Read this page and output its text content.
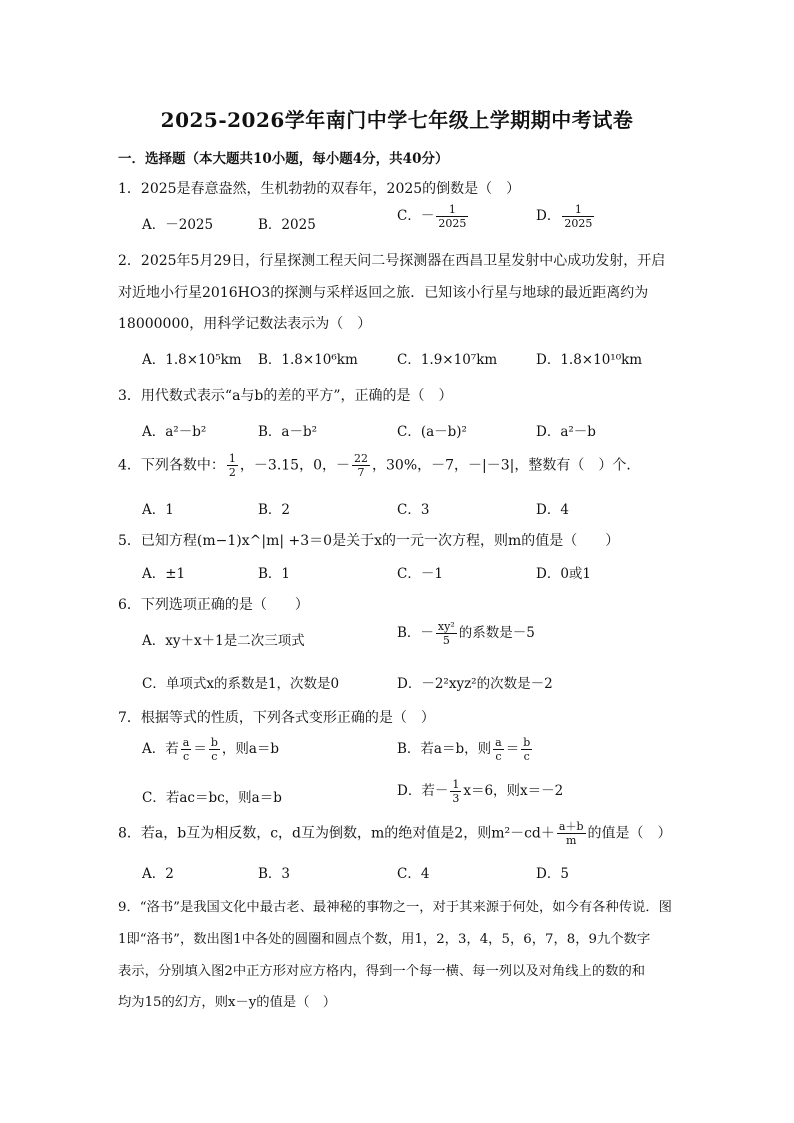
2025-2026学年南门中学七年级上学期期中考试卷
一．选择题（本大题共10小题，每小题4分，共40分）
1．2025是春意盎然，生机勃勃的双春年，2025的倒数是（　）
A．－2025	B．2025
C．－ $\frac{1}{2025}$	D． $\frac{1}{2025}$
2．2025年5月29日，行星探测工程天问二号探测器在西昌卫星发射中心成功发射，开启
对近地小行星2016HO3的探测与采样返回之旅．已知该小行星与地球的最近距离约为
18000000，用科学记数法表示为（　）
A．1.8×10⁵km B．1.8×10⁶km	C．1.9×10⁷km	D．1.8×10¹⁰km
3．用代数式表示“a与b的差的平方”，正确的是（　）
A．a²－b²	B．a－b²	C．(a－b)²	D．a²－b
4．下列各数中： $\frac{1}{2}$ ，－3.15，0，－ $\frac{22}{7}$ ，30%，－7，－|－3|，整数有（　）个．
A．1	B．2	C．3	D．4
5．已知方程(m−1)x^|m| +3＝0是关于x的一元一次方程，则m的值是（　　）
A．±1	B．1	C．－1	D．0或1
6．下列选项正确的是（　　）
A．xy＋x＋1是二次三项式	B．－ $\frac{\text{xy²}}{5}$ 的系数是－5
C．单项式x的系数是1，次数是0	D．－2²xyz²的次数是－2
7．根据等式的性质，下列各式变形正确的是（　）
A．若 $\frac{a}{c} = \frac{b}{c}$ ，则a＝b	B．若a＝b，则 $\frac{a}{c} = \frac{b}{c}$
C．若ac＝bc，则a＝b	D．若－ $\frac{1}{3} x=6$，则x＝－2
8．若a，b互为相反数，c，d互为倒数，m的绝对值是2，则$m^2-cd+ \frac{a+b}{m}$ 的值是（　）
A．2	B．3	C．4	D．5
9．“洛书”是我国文化中最古老、最神秘的事物之一，对于其来源于何处，如今有各种传说．图
1即“洛书”，数出图1中各处的圆圈和圆点个数，用1，2，3，4，5，6，7，8，9九个数字
表示，分别填入图2中正方形对应方格内，得到一个每一横、每一列以及对角线上的数的和
均为15的幻方，则x－y的值是（　）
